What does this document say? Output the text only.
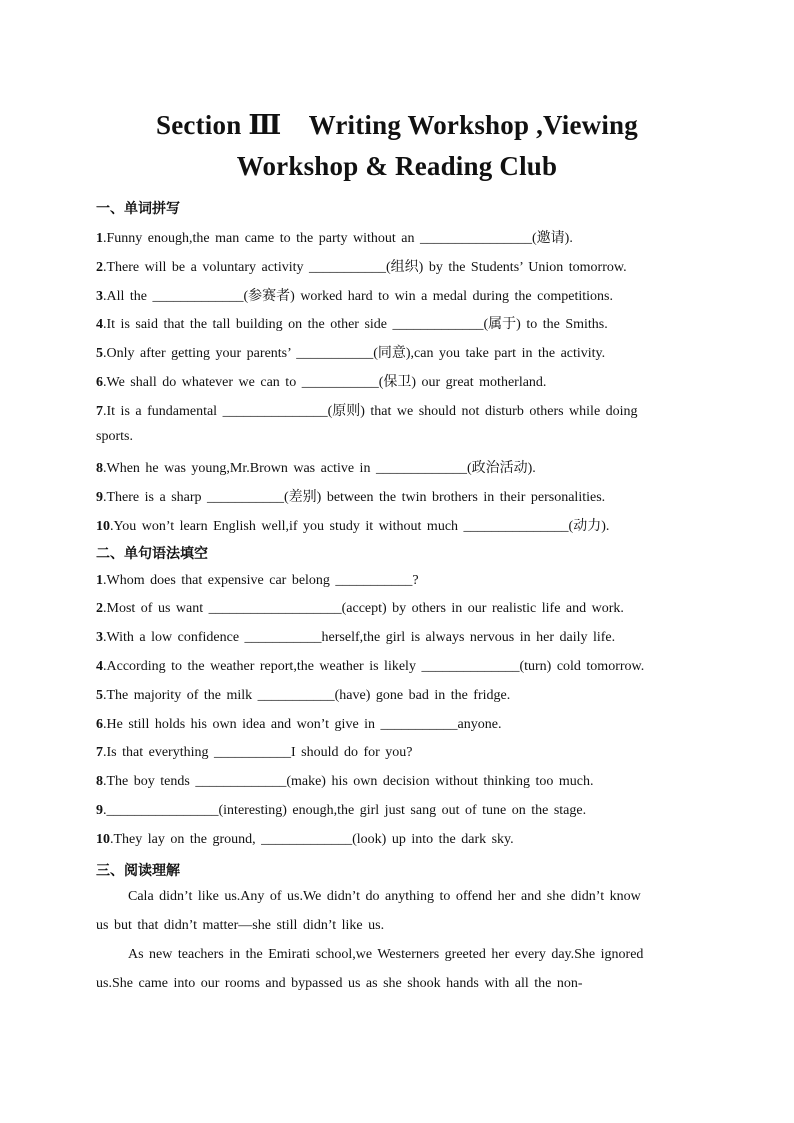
Section Ⅲ　Writing Workshop ,Viewing
Workshop & Reading Club
一、单词拼写
1.Funny enough,the man came to the party without an ________________(邀请).
2.There will be a voluntary activity ___________(组织) by the Students’ Union tomorrow.
3.All the _____________(参赛者) worked hard to win a medal during the competitions.
4.It is said that the tall building on the other side _____________(属于) to the Smiths.
5.Only after getting your parents’ ___________(同意),can you take part in the activity.
6.We shall do whatever we can to ___________(保卫) our great motherland.
7.It is a fundamental _______________(原则) that we should not disturb others while doing
sports.
8.When he was young,Mr.Brown was active in _____________(政治活动).
9.There is a sharp ___________(差别) between the twin brothers in their personalities.
10.You won’t learn English well,if you study it without much _______________(动力).
二、单句语法填空
1.Whom does that expensive car belong ___________?
2.Most of us want ___________________(accept) by others in our realistic life and work.
3.With a low confidence ___________herself,the girl is always nervous in her daily life.
4.According to the weather report,the weather is likely ______________(turn) cold tomorrow.
5.The majority of the milk ___________(have) gone bad in the fridge.
6.He still holds his own idea and won’t give in ___________anyone.
7.Is that everything ___________I should do for you?
8.The boy tends _____________(make) his own decision without thinking too much.
9.________________(interesting) enough,the girl just sang out of tune on the stage.
10.They lay on the ground, _____________(look) up into the dark sky.
三、阅读理解
Cala didn’t like us.Any of us.We didn’t do anything to offend her and she didn’t know
us but that didn’t matter—she still didn’t like us.
As new teachers in the Emirati school,we Westerners greeted her every day.She ignored
us.She came into our rooms and bypassed us as she shook hands with all the non-
